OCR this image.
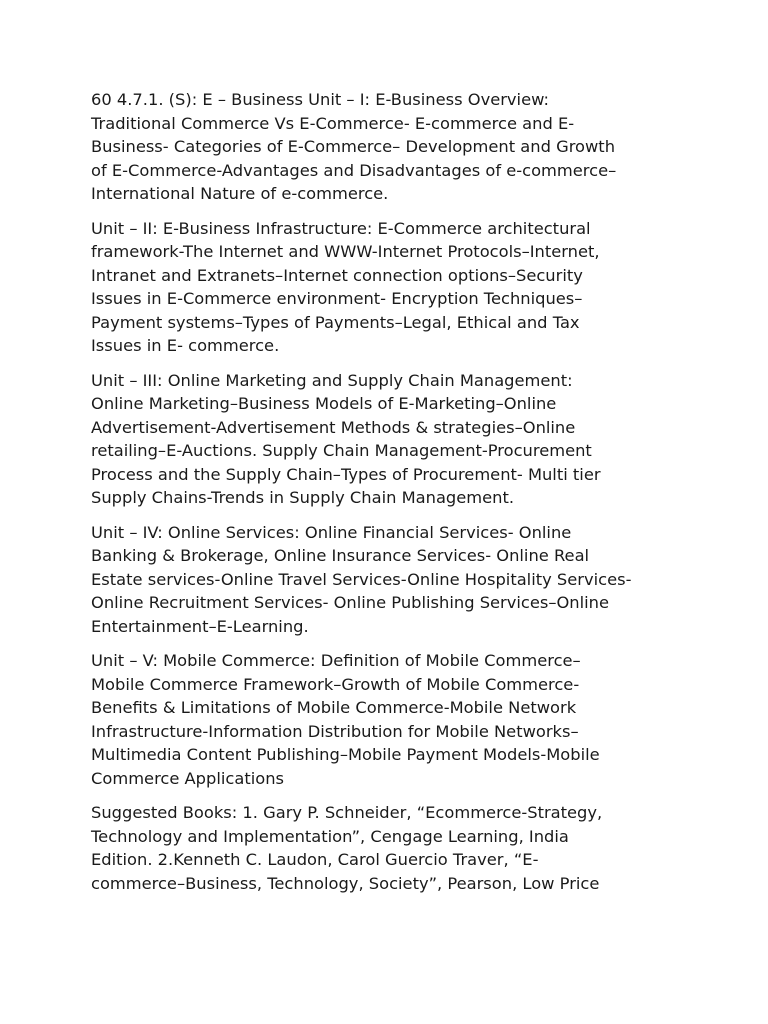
60 4.7.1. (S): E – Business Unit – I: E-Business Overview:
Traditional Commerce Vs E-Commerce- E-commerce and E-
Business- Categories of E-Commerce– Development and Growth
of E-Commerce-Advantages and Disadvantages of e-commerce–
International Nature of e-commerce.

Unit – II: E-Business Infrastructure: E-Commerce architectural
framework-The Internet and WWW-Internet Protocols–Internet,
Intranet and Extranets–Internet connection options–Security
Issues in E-Commerce environment- Encryption Techniques–
Payment systems–Types of Payments–Legal, Ethical and Tax
Issues in E- commerce.

Unit – III: Online Marketing and Supply Chain Management:
Online Marketing–Business Models of E-Marketing–Online
Advertisement-Advertisement Methods & strategies–Online
retailing–E-Auctions. Supply Chain Management-Procurement
Process and the Supply Chain–Types of Procurement- Multi tier
Supply Chains-Trends in Supply Chain Management.

Unit – IV: Online Services: Online Financial Services- Online
Banking & Brokerage, Online Insurance Services- Online Real
Estate services-Online Travel Services-Online Hospitality Services-
Online Recruitment Services- Online Publishing Services–Online
Entertainment–E-Learning.

Unit – V: Mobile Commerce: Definition of Mobile Commerce–
Mobile Commerce Framework–Growth of Mobile Commerce-
Benefits & Limitations of Mobile Commerce-Mobile Network
Infrastructure-Information Distribution for Mobile Networks–
Multimedia Content Publishing–Mobile Payment Models-Mobile
Commerce Applications

Suggested Books: 1. Gary P. Schneider, “Ecommerce-Strategy,
Technology and Implementation”, Cengage Learning, India
Edition. 2.Kenneth C. Laudon, Carol Guercio Traver, “E-
commerce–Business, Technology, Society”, Pearson, Low Price
